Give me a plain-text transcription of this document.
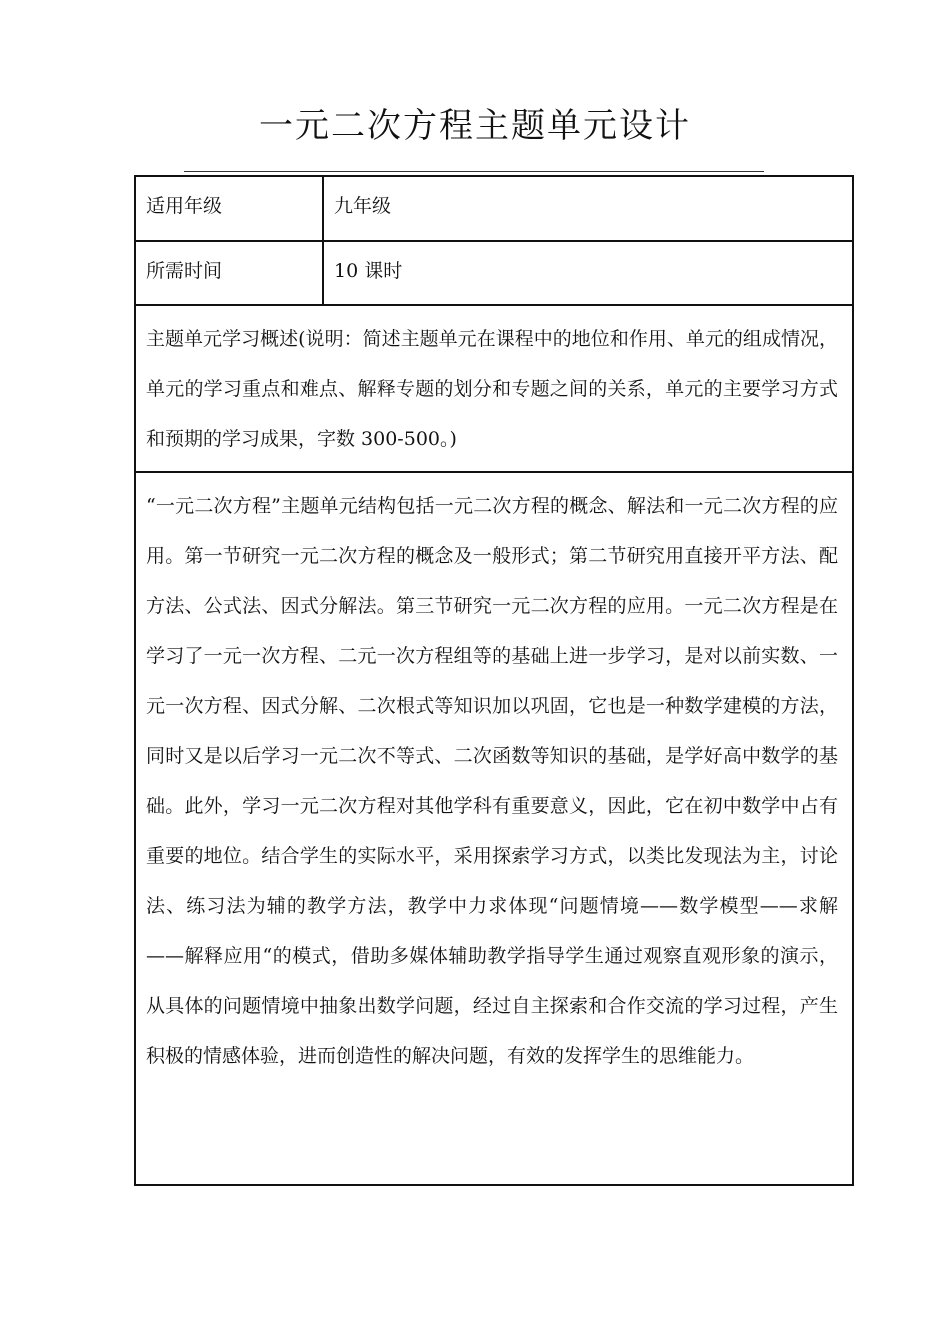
一元二次方程主题单元设计
适用年级	九年级
所需时间	10 课时
主题单元学习概述(说明：简述主题单元在课程中的地位和作用、单元的组成情况，单元的学习重点和难点、解释专题的划分和专题之间的关系，单元的主要学习方式和预期的学习成果，字数 300-500。)
“一元二次方程”主题单元结构包括一元二次方程的概念、解法和一元二次方程的应用。第一节研究一元二次方程的概念及一般形式；第二节研究用直接开平方法、配方法、公式法、因式分解法。第三节研究一元二次方程的应用。一元二次方程是在学习了一元一次方程、二元一次方程组等的基础上进一步学习，是对以前实数、一元一次方程、因式分解、二次根式等知识加以巩固，它也是一种数学建模的方法，同时又是以后学习一元二次不等式、二次函数等知识的基础，是学好高中数学的基础。此外，学习一元二次方程对其他学科有重要意义，因此，它在初中数学中占有重要的地位。结合学生的实际水平，采用探索学习方式，以类比发现法为主，讨论法、练习法为辅的教学方法，教学中力求体现“问题情境——数学模型——求解——解释应用“的模式，借助多媒体辅助教学指导学生通过观察直观形象的演示，从具体的问题情境中抽象出数学问题，经过自主探索和合作交流的学习过程，产生积极的情感体验，进而创造性的解决问题，有效的发挥学生的思维能力。
